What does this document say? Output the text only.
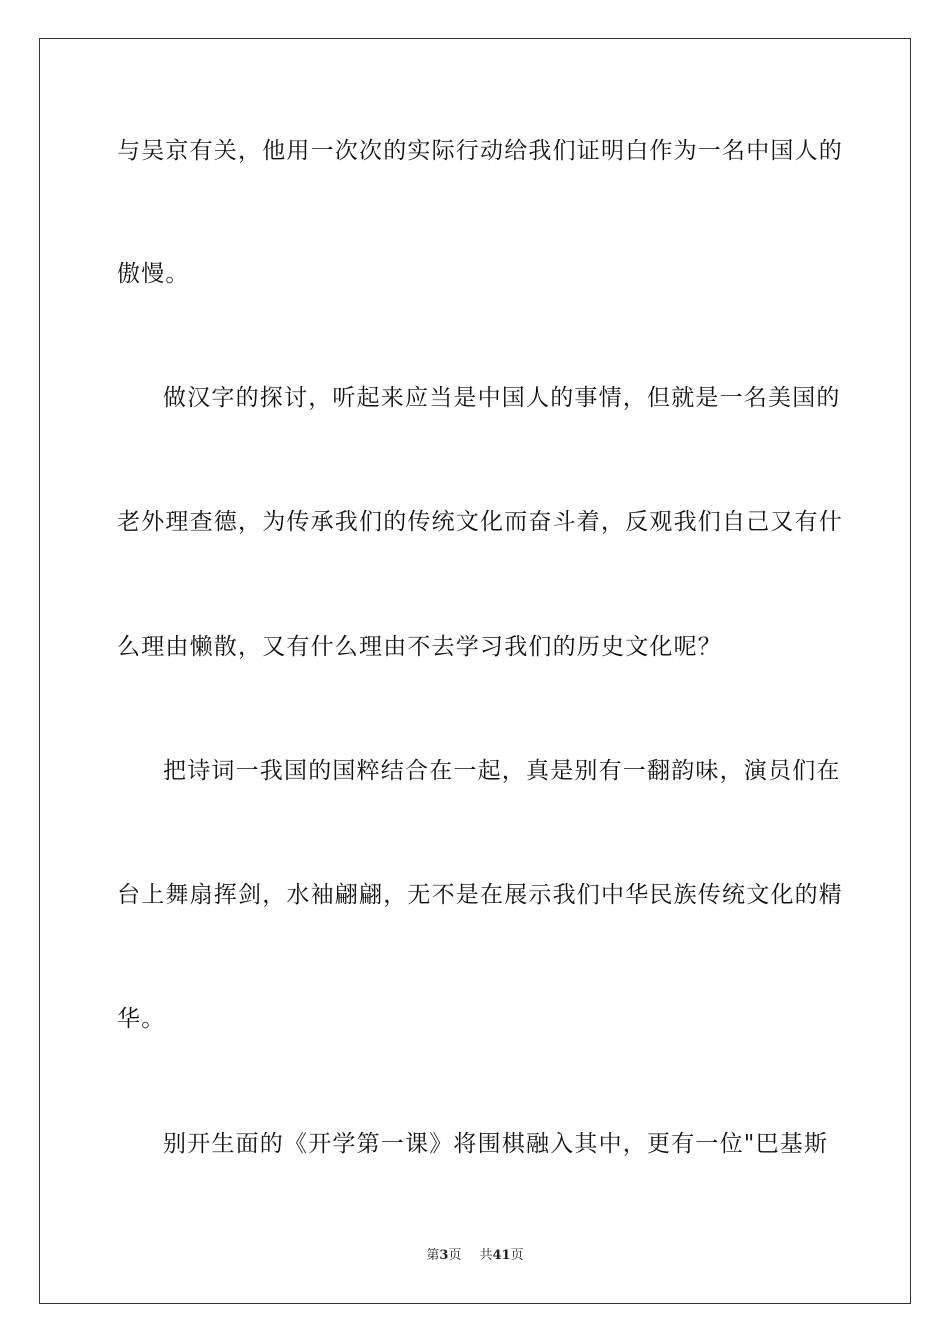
与吴京有关，他用一次次的实际行动给我们证明白作为一名中国人的
傲慢。
做汉字的探讨，听起来应当是中国人的事情，但就是一名美国的
老外理查德，为传承我们的传统文化而奋斗着，反观我们自己又有什
么理由懒散，又有什么理由不去学习我们的历史文化呢？
把诗词一我国的国粹结合在一起，真是别有一翻韵味，演员们在
台上舞扇挥剑，水袖翩翩，无不是在展示我们中华民族传统文化的精
华。
别开生面的《开学第一课》将围棋融入其中，更有一位"巴基斯
第3页 共41页
